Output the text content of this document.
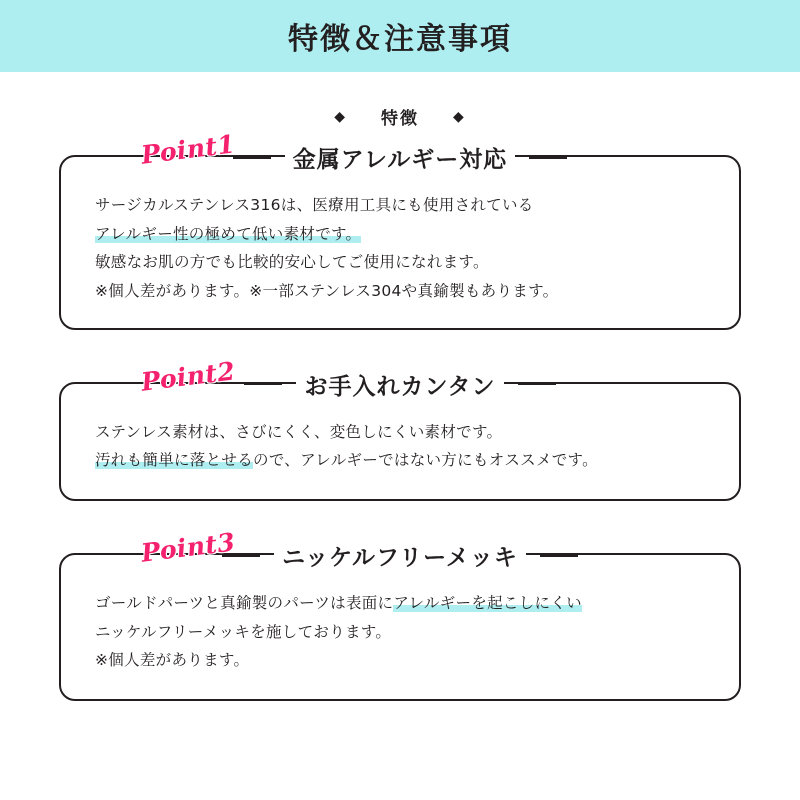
特徴＆注意事項
◆ 特徴 ◆
Point1	金属アレルギー対応
サージカルステンレス316は、医療用工具にも使用されている
アレルギー性の極めて低い素材です。
敏感なお肌の方でも比較的安心してご使用になれます。
※個人差があります。※一部ステンレス304や真鍮製もあります。
Point2	お手入れカンタン
ステンレス素材は、さびにくく、変色しにくい素材です。
汚れも簡単に落とせるので、アレルギーではない方にもオススメです。
Point3	ニッケルフリーメッキ
ゴールドパーツと真鍮製のパーツは表面にアレルギーを起こしにくい
ニッケルフリーメッキを施しております。
※個人差があります。
